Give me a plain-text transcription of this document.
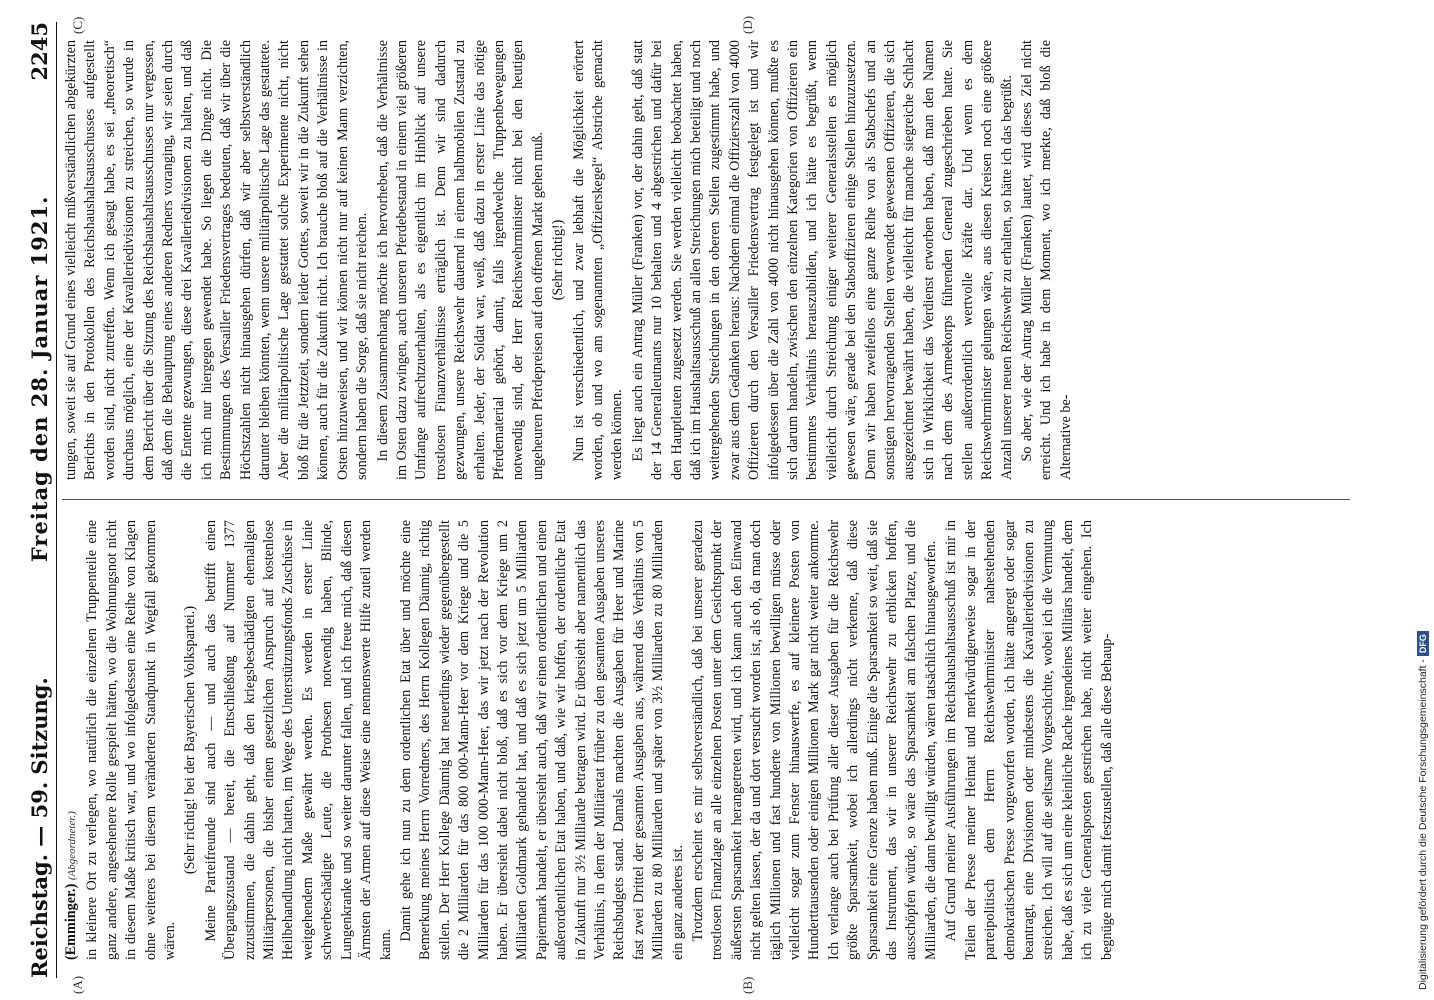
Reichstag. — 59. Sitzung.
Freitag den 28. Januar 1921.
2245
(A)	(B)
(C)	(D)

(Emminger.) (Abgeordneter.) in kleinere Ort zu verlegen, wo natürlich die einzelnen Truppenteile eine ganz andere, angesehenere Rolle gespielt hätten, wo die Wohnungsnot nicht in diesem Maße kritisch war, und wo infolgedessen eine Reihe von Klagen ohne weiteres bei diesem veränderten Standpunkt in Wegfall gekommen wären.

(Sehr richtig! bei der Bayerischen Volkspartei.) Meine Parteifreunde sind auch — und auch das betrifft einen Übergangszustand — bereit, die Entschließung auf Nummer 1377 zuzustimmen, die dahin geht, daß den kriegsbeschädigten ehemaligen Militärpersonen, die bisher einen gesetzlichen Anspruch auf kostenlose Heilbehandlung nicht hatten, im Wege des Unterstützungsfonds Zuschüsse in weitgehendem Maße gewährt werden. Es werden in erster Linie schwerbeschädigte Leute, die Prothesen notwendig haben, Blinde, Lungenkranke und so weiter darunter fallen, und ich freue mich, daß diesen Ärmsten der Armen auf diese Weise eine nennenswerte Hilfe zuteil werden kann.

Damit gehe ich nun zu dem ordentlichen Etat über und möchte eine Bemerkung meines Herrn Vorredners, des Herrn Kollegen Däumig, richtig stellen. Der Herr Kollege Däumig hat neuerdings wieder gegenübergestellt die 2 Milliarden für das 800 000-Mann-Heer vor dem Kriege und die 5 Milliarden für das 100 000-Mann-Heer, das wir jetzt nach der Revolution haben. Er übersieht dabei nicht bloß, daß es sich vor dem Kriege um 2 Milliarden Goldmark gehandelt hat, und daß es sich jetzt um 5 Milliarden Papiermark handelt, er übersieht auch, daß wir einen ordentlichen und einen außerordentlichen Etat haben, und daß, wie wir hoffen, der ordentliche Etat in Zukunft nur 3½ Milliarde betragen wird. Er übersieht aber namentlich das Verhältnis, in dem der Militäretat früher zu den gesamten Ausgaben unseres Reichsbudgets stand. Damals machten die Ausgaben für Heer und Marine fast zwei Drittel der gesamten Ausgaben aus, während das Verhältnis von 5 Milliarden zu 80 Milliarden und später von 3½ Milliarden zu 80 Milliarden ein ganz anderes ist. Trotzdem erscheint es mir selbstverständlich, daß bei unserer geradezu trostlosen Finanzlage an alle einzelnen Posten unter dem Gesichtspunkt der äußersten Sparsamkeit herangetreten wird, und ich kann auch den Einwand nicht gelten lassen, der da und dort versucht worden ist, als ob, da man doch täglich Millionen und fast hunderte von Millionen bewilligen müsse oder vielleicht sogar zum Fenster hinauswerfe, es auf kleinere Posten von Hunderttausenden oder einigen Millionen Mark gar nicht weiter ankomme. Ich verlange auch bei Prüfung aller dieser Ausgaben für die Reichswehr größte Sparsamkeit, wobei ich allerdings nicht verkenne, daß diese Sparsamkeit eine Grenze haben muß. Einige die Sparsamkeit so weit, daß sie das Instrument, das wir in unserer Reichswehr zu erblicken hoffen, ausschöpfen würde, so wäre das Sparsamkeit am falschen Platze, und die Milliarden, die dann bewilligt würden, wären tatsächlich hinausgeworfen. Auf Grund meiner Ausführungen im Reichshaushaltsausschuß ist mir in Teilen der Presse meiner Heimat und merkwürdigerweise sogar in der parteipolitisch dem Herrn Reichswehrminister nahestehenden demokratischen Presse vorgeworfen worden, ich hätte angeregt oder sogar beantragt, eine Divisionen oder mindestens die Kavalleriedivisionen zu streichen. Ich will auf die seltsame Vorgeschichte, wobei ich die Vermutung habe, daß es sich um eine kleinliche Rache irgendeines Militärs handelt, dem ich zu viele Generalsposten gestrichen habe, nicht weiter eingehen. Ich begnüge mich damit festzustellen, daß alle diese Behaup-

tungen, soweit sie auf Grund eines vielleicht mißverständlichen abgekürzten Berichts in den Protokollen des Reichshaushaltsausschusses aufgestellt worden sind, nicht zutreffen. Wenn ich gesagt habe, es sei „theoretisch“ durchaus möglich, eine der Kavalleriedivisionen zu streichen, so wurde in dem Bericht über die Sitzung des Reichshaushaltsausschusses nur vergessen, daß dem die Behauptung eines anderen Redners voranging, wir seien durch die Entente gezwungen, diese drei Kavalleriedivisionen zu halten, und daß ich mich nur hiergegen gewendet habe. So liegen die Dinge nicht. Die Bestimmungen des Versailler Friedensvertrages bedeuten, daß wir über die Höchstzahlen nicht hinausgehen dürfen, daß wir aber selbstverständlich darunter bleiben könnten, wenn unsere militärpolitische Lage das gestattete. Aber die militärpolitische Lage gestattet solche Experimente nicht, nicht bloß für die Jetztzeit, sondern leider Gottes, soweit wir in die Zukunft sehen können, auch für die Zukunft nicht. Ich brauche bloß auf die Verhältnisse in Osten hinzuweisen, und wir können nicht nur auf keinen Mann verzichten, sondern haben die Sorge, daß sie nicht reichen. In diesem Zusammenhang möchte ich hervorheben, daß die Verhältnisse im Osten dazu zwingen, auch unseren Pferdebestand in einem viel größeren Umfange aufrechtzuerhalten, als es eigentlich im Hinblick auf unsere trostlosen Finanzverhältnisse erträglich ist. Denn wir sind dadurch gezwungen, unsere Reichswehr dauernd in einem halbmobilen Zustand zu erhalten. Jeder, der Soldat war, weiß, daß dazu in erster Linie das nötige Pferdematerial gehört, damit, falls irgendwelche Truppenbewegungen notwendig sind, der Herr Reichswehrminister nicht bei den heutigen ungeheuren Pferdepreisen auf den offenen Markt gehen muß. (Sehr richtig!) Nun ist verschiedentlich, und zwar lebhaft die Möglichkeit erörtert worden, ob und wo am sogenannten „Offizierskegel“ Abstriche gemacht werden können. Es liegt auch ein Antrag Müller (Franken) vor, der dahin geht, daß statt der 14 Generalleutnants nur 10 behalten und 4 abgestrichen und dafür bei den Hauptleuten zugesetzt werden. Sie werden vielleicht beobachtet haben, daß ich im Haushaltsausschuß an allen Streichungen mich beteiligt und noch weitergehenden Streichungen in den oberen Stellen zugestimmt habe, und zwar aus dem Gedanken heraus: Nachdem einmal die Offizierszahl von 4000 Offizieren durch den Versailler Friedensvertrag festgelegt ist und wir infolgedessen über die Zahl von 4000 nicht hinausgehen können, mußte es sich darum handeln, zwischen den einzelnen Kategorien von Offizieren ein bestimmtes Verhältnis herauszubilden, und ich hätte es begrüßt, wenn vielleicht durch Streichung einiger weiterer Generalsstellen es möglich gewesen wäre, gerade bei den Stabsoffizieren einige Stellen hinzuzusetzen. Denn wir haben zweifellos eine ganze Reihe von als Stabschefs und an sonstigen hervorragenden Stellen verwendet gewesenen Offizieren, die sich ausgezeichnet bewährt haben, die vielleicht für manche siegreiche Schlacht sich in Wirklichkeit das Verdienst erworben haben, daß man den Namen nach dem des Armeekorps führenden General zugeschrieben hatte. Sie stellen außerordentlich wertvolle Kräfte dar. Und wenn es dem Reichswehrminister gelungen wäre, aus diesen Kreisen noch eine größere Anzahl unserer neuen Reichswehr zu erhalten, so hätte ich das begrüßt. So aber, wie der Antrag Müller (Franken) lautet, wird dieses Ziel nicht erreicht. Und ich habe in dem Moment, wo ich merkte, daß bloß die Alternative be-

Digitalisierung gefördert durch die Deutsche Forschungsgemeinschaft -DFG
